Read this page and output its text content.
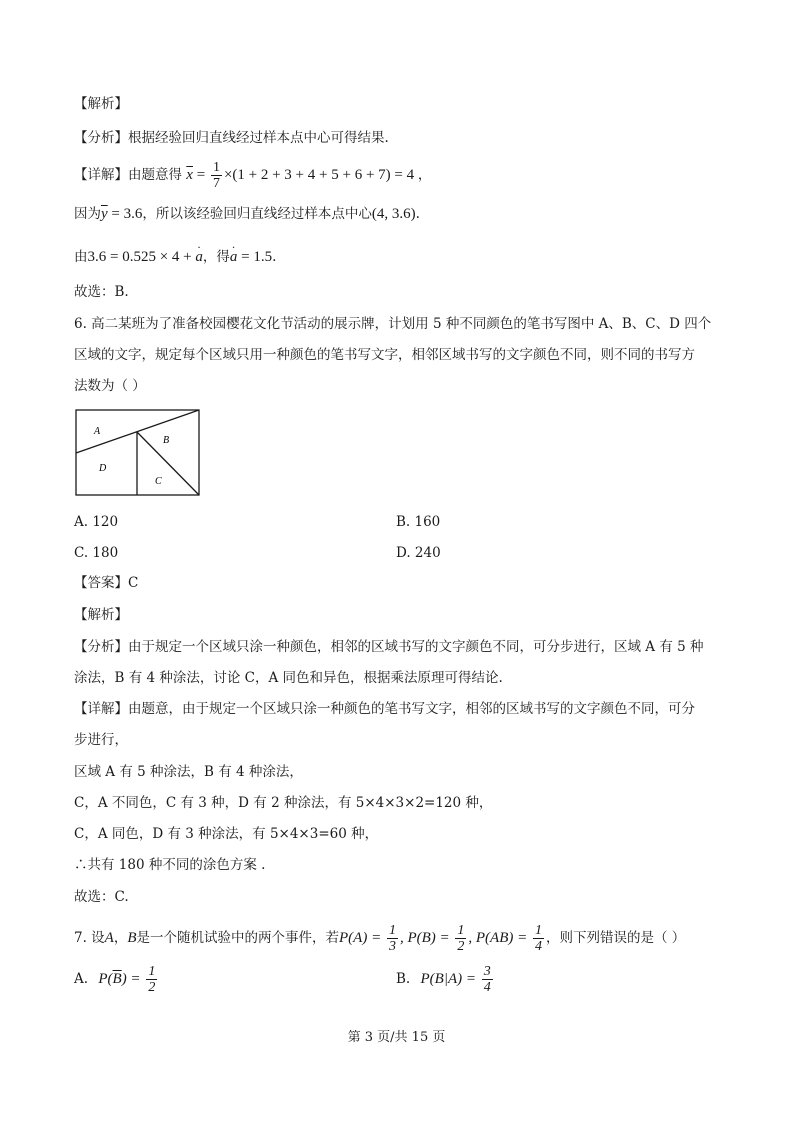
【解析】
【分析】根据经验回归直线经过样本点中心可得结果.
【详解】由题意得 $\overline{x} = \frac{1}{7} \times(1 + 2 + 3 + 4 + 5 + 6 + 7) = 4$ ，
因为$\overline{y} = 3.6$，所以该经验回归直线经过样本点中心(4, 3.6).
由3.6 = 0.525 × 4 + · a，得· a = 1.5.
故选：B.
6. 高二某班为了准备校园樱花文化节活动的展示牌，计划用 5 种不同颜色的笔书写图中 A、B、C、D 四个
区域的文字，规定每个区域只用一种颜色的笔书写文字，相邻区域书写的文字颜色不同，则不同的书写方
法数为（ ）
A
B
D
C
A. 120	B. 160
C. 180	D. 240
【答案】C
【解析】
【分析】由于规定一个区域只涂一种颜色，相邻的区域书写的文字颜色不同，可分步进行，区域 A 有 5 种
涂法，B 有 4 种涂法，讨论 C，A 同色和异色，根据乘法原理可得结论.
【详解】由题意，由于规定一个区域只涂一种颜色的笔书写文字，相邻的区域书写的文字颜色不同，可分
步进行，
区域 A 有 5 种涂法，B 有 4 种涂法，
C，A 不同色，C 有 3 种，D 有 2 种涂法，有 5×4×3×2=120 种，
C，A 同色，D 有 3 种涂法，有 5×4×3=60 种，
∴共有 180 种不同的涂色方案 .
故选：C.
7. 设A，B是一个随机试验中的两个事件，若$P(A) = \frac{1}{3}$ , $P(B) = \frac{1}{2}$ , $P(AB) = \frac{1}{4}$ ，则下列错误的是（ ）
A. $P(\overline{B}) = \frac{1}{2}$	B. $P(B|A) = \frac{3}{4}$
第 3 页/共 15 页
